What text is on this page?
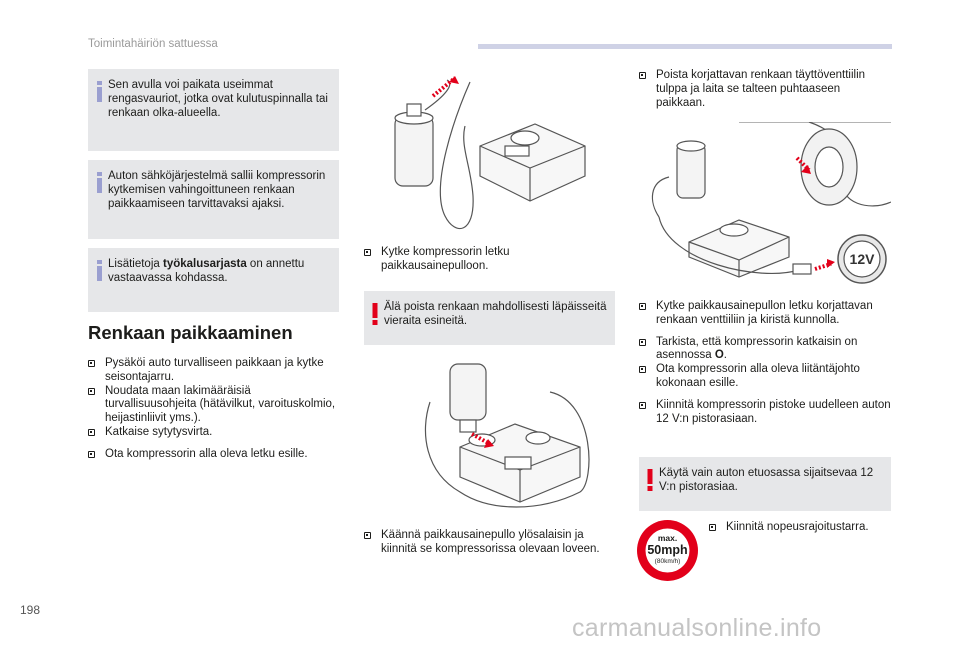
Toimintahäiriön sattuessa
Sen avulla voi paikata useimmat rengasvauriot, jotka ovat kulutuspinnalla tai renkaan olka-alueella.
Auton sähköjärjestelmä sallii kompressorin kytkemisen vahingoittuneen renkaan paikkaamiseen tarvittavaksi ajaksi.
Lisätietoja työkalusarjasta on annettu vastaavassa kohdassa.
Renkaan paikkaaminen
Pysäköi auto turvalliseen paikkaan ja kytke seisontajarru.
Noudata maan lakimääräisiä turvallisuusohjeita (hätävilkut, varoituskolmio, heijastinliivit yms.).
Katkaise sytytysvirta.
Ota kompressorin alla oleva letku esille.
Kytke kompressorin letku paikkausainepulloon.
Älä poista renkaan mahdollisesti läpäisseitä vieraita esineitä.
Käännä paikkausainepullo ylösalaisin ja kiinnitä se kompressorissa olevaan loveen.
Poista korjattavan renkaan täyttöventtiilin tulppa ja laita se talteen puhtaaseen paikkaan.
12V
Kytke paikkausainepullon letku korjattavan renkaan venttiiliin ja kiristä kunnolla.
Tarkista, että kompressorin katkaisin on asennossa O.
Ota kompressorin alla oleva liitäntäjohto kokonaan esille.
Kiinnitä kompressorin pistoke uudelleen auton 12 V:n pistorasiaan.
Käytä vain auton etuosassa sijaitsevaa 12 V:n pistorasiaa.
max.
50mph
(80km/h)
Kiinnitä nopeusrajoitustarra.
198
carmanualsonline.info
